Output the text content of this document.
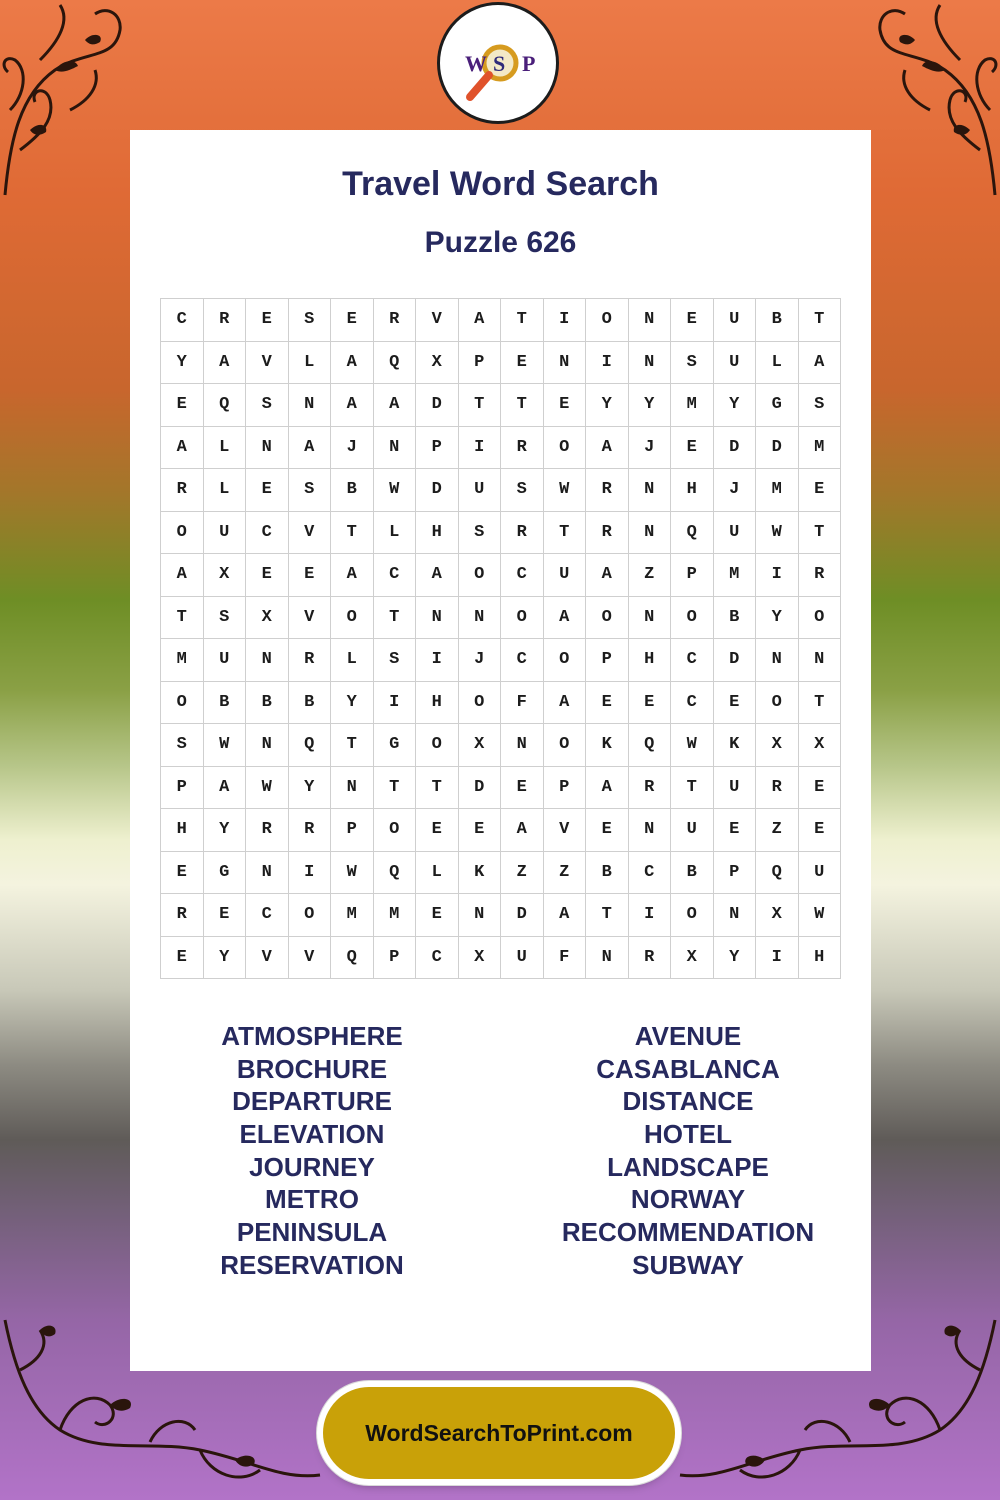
W S P
Travel Word Search
Puzzle 626
C	R	E	S	E	R	V	A	T	I	O	N	E	U	B	T
Y	A	V	L	A	Q	X	P	E	N	I	N	S	U	L	A
E	Q	S	N	A	A	D	T	T	E	Y	Y	M	Y	G	S
A	L	N	A	J	N	P	I	R	O	A	J	E	D	D	M
R	L	E	S	B	W	D	U	S	W	R	N	H	J	M	E
O	U	C	V	T	L	H	S	R	T	R	N	Q	U	W	T
A	X	E	E	A	C	A	O	C	U	A	Z	P	M	I	R
T	S	X	V	O	T	N	N	O	A	O	N	O	B	Y	O
M	U	N	R	L	S	I	J	C	O	P	H	C	D	N	N
O	B	B	B	Y	I	H	O	F	A	E	E	C	E	O	T
S	W	N	Q	T	G	O	X	N	O	K	Q	W	K	X	X
P	A	W	Y	N	T	T	D	E	P	A	R	T	U	R	E
H	Y	R	R	P	O	E	E	A	V	E	N	U	E	Z	E
E	G	N	I	W	Q	L	K	Z	Z	B	C	B	P	Q	U
R	E	C	O	M	M	E	N	D	A	T	I	O	N	X	W
E	Y	V	V	Q	P	C	X	U	F	N	R	X	Y	I	H
ATMOSPHERE
BROCHURE
DEPARTURE
ELEVATION
JOURNEY
METRO
PENINSULA
RESERVATION
AVENUE
CASABLANCA
DISTANCE
HOTEL
LANDSCAPE
NORWAY
RECOMMENDATION
SUBWAY
WordSearchToPrint.com
